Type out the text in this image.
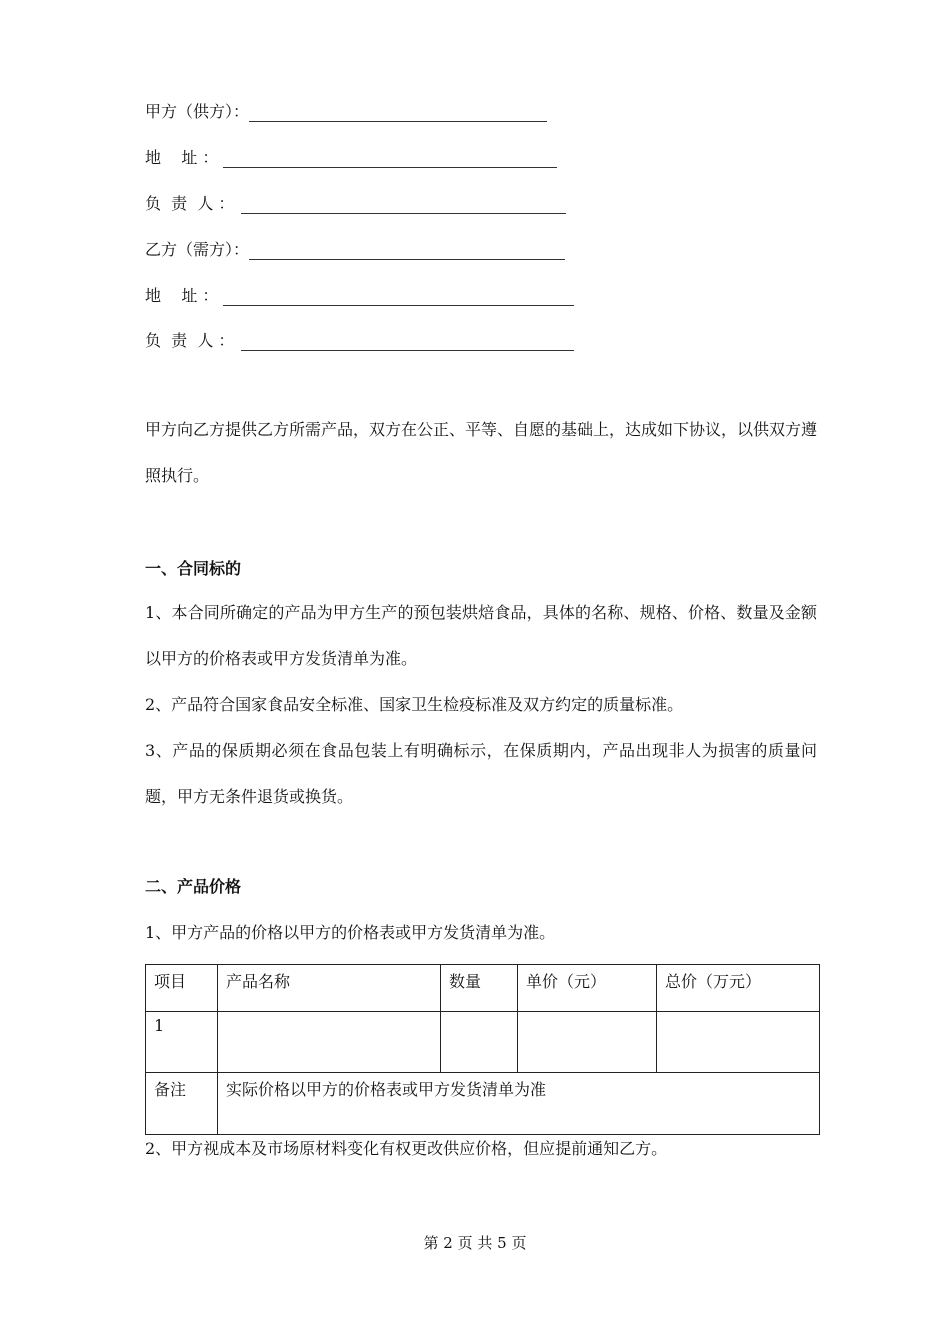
甲方（供方）：
地    址 ：
负  责  人 ：
乙方（需方）：
地    址 ：
负  责  人 ：
甲方向乙方提供乙方所需产品，双方在公正、平等、自愿的基础上，达成如下协议，以供双方遵照执行。
一、合同标的
1、本合同所确定的产品为甲方生产的预包装烘焙食品，具体的名称、规格、价格、数量及金额以甲方的价格表或甲方发货清单为准。
2、产品符合国家食品安全标准、国家卫生检疫标准及双方约定的质量标准。
3、产品的保质期必须在食品包装上有明确标示，在保质期内，产品出现非人为损害的质量问题，甲方无条件退货或换货。
二、产品价格
1、甲方产品的价格以甲方的价格表或甲方发货清单为准。
项目	产品名称	数量	单价（元）	总价（万元）
1				
备注	实际价格以甲方的价格表或甲方发货清单为准			
2、甲方视成本及市场原材料变化有权更改供应价格，但应提前通知乙方。
第 2 页 共 5 页
